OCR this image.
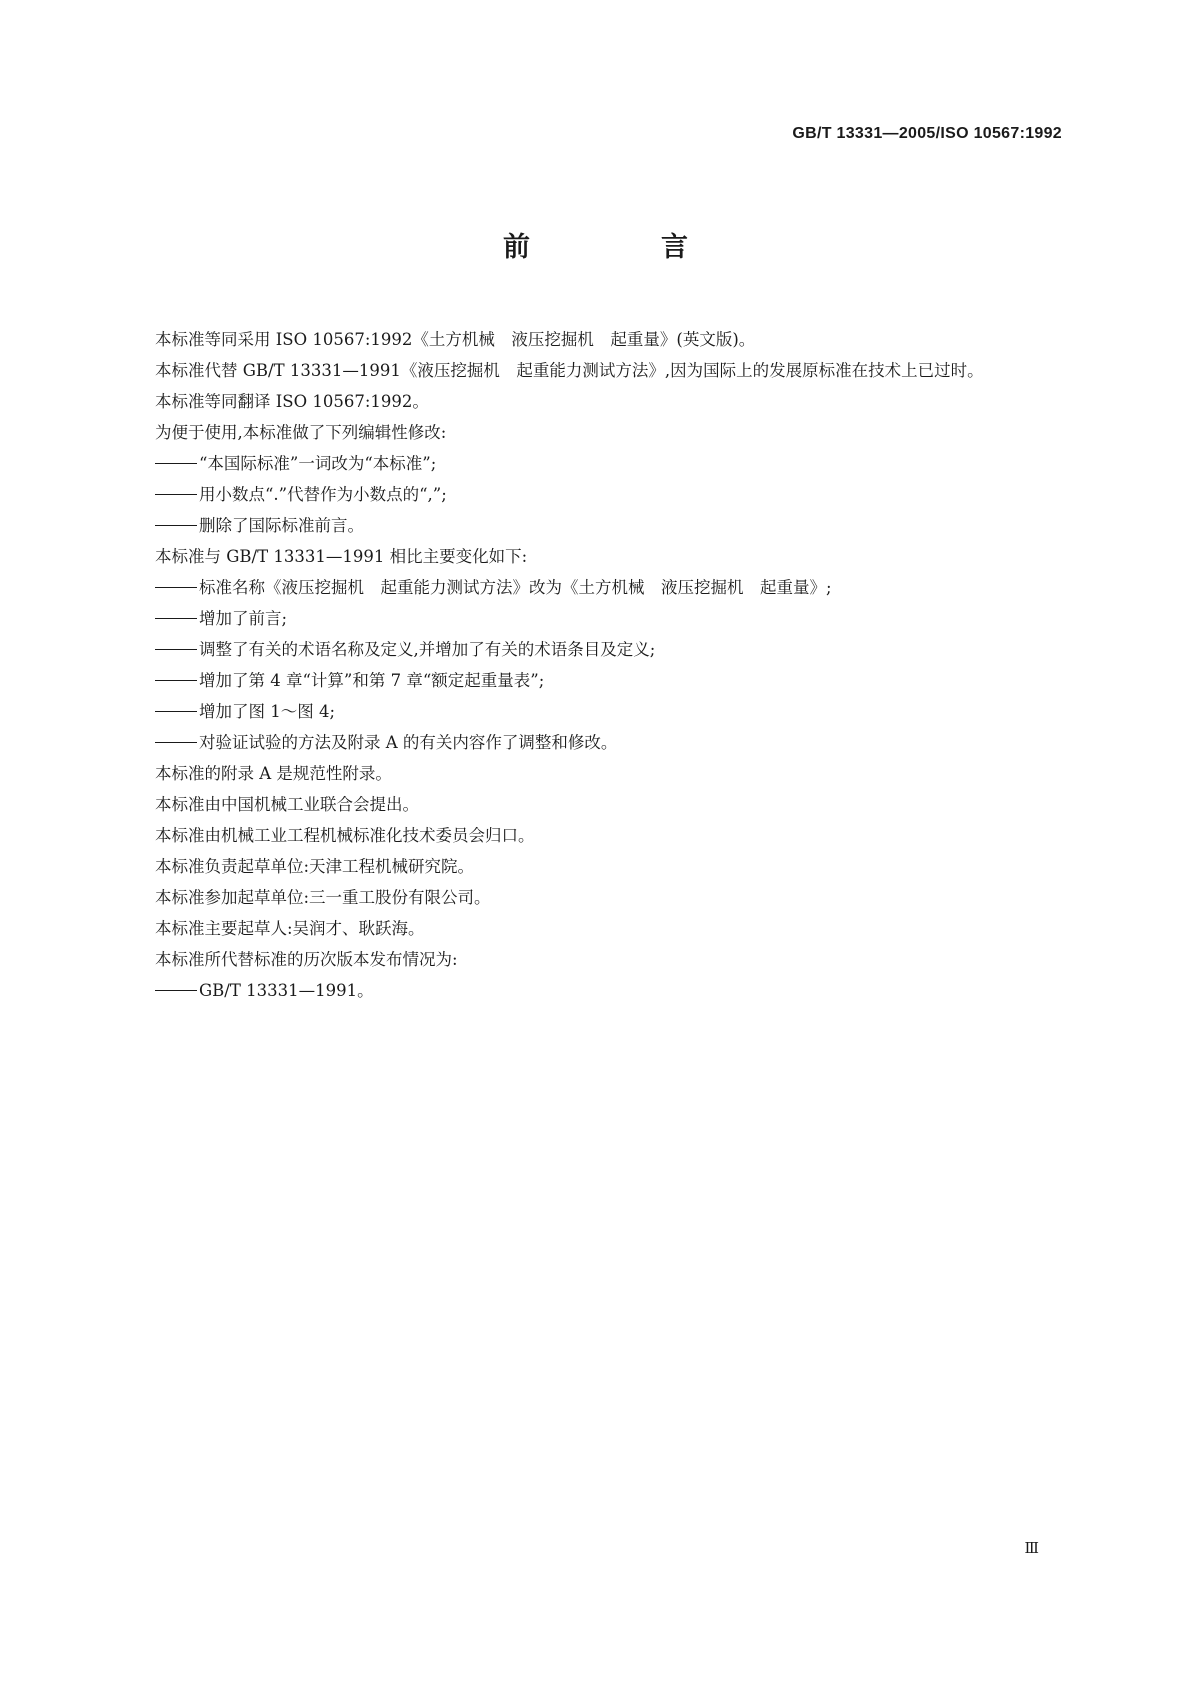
GB/T 13331—2005/ISO 10567:1992
前　言

本标准等同采用 ISO 10567:1992《土方机械　液压挖掘机　起重量》(英文版)。

本标准代替 GB/T 13331—1991《液压挖掘机　起重能力测试方法》,因为国际上的发展原标准在技术上已过时。

本标准等同翻译 ISO 10567:1992。

为便于使用,本标准做了下列编辑性修改:

“本国际标准”一词改为“本标准”;

用小数点“.”代替作为小数点的“,”;

删除了国际标准前言。

本标准与 GB/T 13331—1991 相比主要变化如下:

标准名称《液压挖掘机　起重能力测试方法》改为《土方机械　液压挖掘机　起重量》;

增加了前言;

调整了有关的术语名称及定义,并增加了有关的术语条目及定义;

增加了第 4 章“计算”和第 7 章“额定起重量表”;

增加了图 1～图 4;

对验证试验的方法及附录 A 的有关内容作了调整和修改。

本标准的附录 A 是规范性附录。

本标准由中国机械工业联合会提出。

本标准由机械工业工程机械标准化技术委员会归口。

本标准负责起草单位:天津工程机械研究院。

本标准参加起草单位:三一重工股份有限公司。

本标准主要起草人:吴润才、耿跃海。

本标准所代替标准的历次版本发布情况为:

GB/T 13331—1991。

Ⅲ
